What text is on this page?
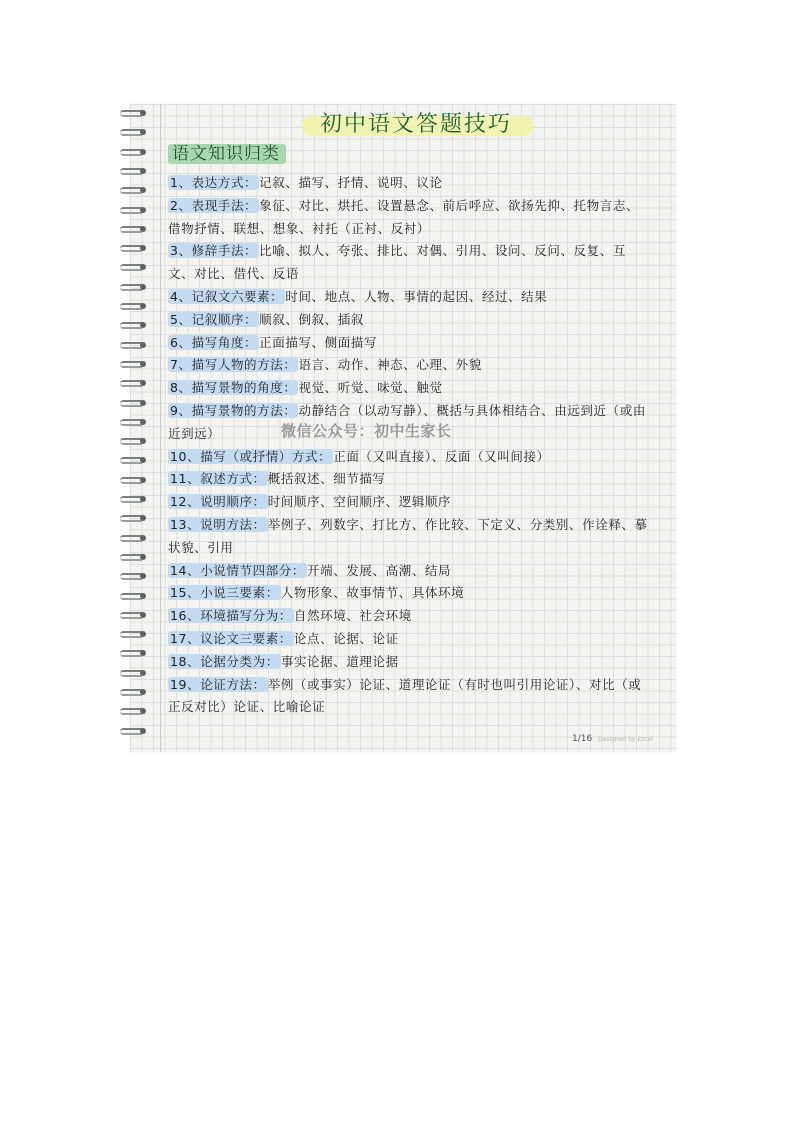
初中语文答题技巧
语文知识归类
1、表达方式： 记叙、描写、抒情、说明、议论
2、表现手法： 象征、对比、烘托、设置悬念、前后呼应、欲扬先抑、托物言志、借物抒情、联想、想象、衬托（正衬、反衬）
3、修辞手法： 比喻、拟人、夸张、排比、对偶、引用、设问、反问、反复、互文、对比、借代、反语
4、记叙文六要素： 时间、地点、人物、事情的起因、经过、结果
5、记叙顺序： 顺叙、倒叙、插叙
6、描写角度： 正面描写、侧面描写
7、描写人物的方法： 语言、动作、神态、心理、外貌
8、描写景物的角度： 视觉、听觉、味觉、触觉
9、描写景物的方法： 动静结合（以动写静）、概括与具体相结合、由远到近（或由近到远）
10、描写（或抒情）方式： 正面（又叫直接）、反面（又叫间接）
11、叙述方式： 概括叙述、细节描写
12、说明顺序： 时间顺序、空间顺序、逻辑顺序
13、说明方法： 举例子、列数字、打比方、作比较、下定义、分类别、作诠释、摹状貌、引用
14、小说情节四部分： 开端、发展、高潮、结局
15、小说三要素： 人物形象、故事情节、具体环境
16、环境描写分为： 自然环境、社会环境
17、议论文三要素： 论点、论据、论证
18、论据分类为： 事实论据、道理论据
19、论证方法： 举例（或事实）论证、道理论证（有时也叫引用论证）、对比（或正反对比）论证、比喻论证
微信公众号：初中生家长
1/16 Designed by Ezcel
